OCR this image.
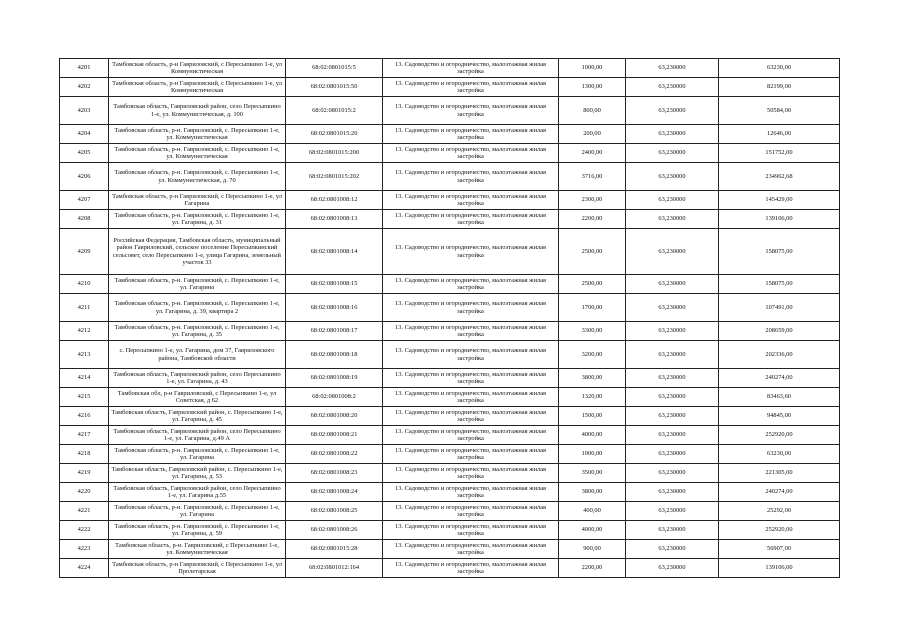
4201	Тамбовская область, р-н Гавриловский, с Пересыпкино 1-е, ул Коммунистическая	68:02:0801015:5	13. Садоводство и огородничество, малоэтажная жилая застройка	1000,00	63,230000	63230,00
4202	Тамбовская область, р-н Гавриловский, с Пересыпкино 1-е, ул Коммунистическая	68:02:0801015:50	13. Садоводство и огородничество, малоэтажная жилая застройка	1300,00	63,230000	82199,00
4203	Тамбовская область, Гавриловский район, село Пересыпкино 1-е, ул. Коммунистическая, д. 100	68:02:0801015:2	13. Садоводство и огородничество, малоэтажная жилая застройка	800,00	63,230000	50584,00
4204	Тамбовская область, р-н. Гавриловский, с. Пересыпкино 1-е, ул. Коммунистическая	68:02:0801015:20	13. Садоводство и огородничество, малоэтажная жилая застройка	200,00	63,230000	12646,00
4205	Тамбовская область, р-н. Гавриловский, с. Пересыпкино 1-е, ул. Коммунистическая	68:02:0801015:200	13. Садоводство и огородничество, малоэтажная жилая застройка	2400,00	63,230000	151752,00
4206	Тамбовская область, р-н. Гавриловский, с. Пересыпкино 1-е, ул. Коммунистическая, д. 70	68:02:0801015:202	13. Садоводство и огородничество, малоэтажная жилая застройка	3716,00	63,230000	234962,68
4207	Тамбовская область, р-н Гавриловский, с Пересыпкино 1-е, ул Гагарина	68:02:0801008:12	13. Садоводство и огородничество, малоэтажная жилая застройка	2300,00	63,230000	145429,00
4208	Тамбовская область, р-н. Гавриловский, с. Пересыпкино 1-е, ул. Гагарина, д. 31	68:02:0801008:13	13. Садоводство и огородничество, малоэтажная жилая застройка	2200,00	63,230000	139106,00
4209	Российская Федерация, Тамбовская область, муниципальный район Гавриловский, сельское поселение Пересыпкинский сельсовет, село Пересыпкино 1-е, улица Гагарина, земельный участок 33	68:02:0801008:14	13. Садоводство и огородничество, малоэтажная жилая застройка	2500,00	63,230000	158075,00
4210	Тамбовская область, р-н. Гавриловский, с. Пересыпкино 1-е, ул. Гагарина	68:02:0801008:15	13. Садоводство и огородничество, малоэтажная жилая застройка	2500,00	63,230000	158075,00
4211	Тамбовская область, р-н. Гавриловский, с. Пересыпкино 1-е, ул. Гагарина, д. 39, квартира 2	68:02:0801008:16	13. Садоводство и огородничество, малоэтажная жилая застройка	1700,00	63,230000	107491,00
4212	Тамбовская область, р-н. Гавриловский, с. Пересыпкино 1-е, ул. Гагарина, д. 35	68:02:0801008:17	13. Садоводство и огородничество, малоэтажная жилая застройка	3300,00	63,230000	208659,00
4213	с. Пересыпкино 1-е, ул. Гагарина, дом 37, Гавриловского района, Тамбовской области	68:02:0801008:18	13. Садоводство и огородничество, малоэтажная жилая застройка	3200,00	63,230000	202336,00
4214	Тамбовская область, Гавриловский район, село Пересыпкино 1-е, ул. Гагарина, д. 43	68:02:0801008:19	13. Садоводство и огородничество, малоэтажная жилая застройка	3800,00	63,230000	240274,00
4215	Тамбовская обл, р-н Гавриловский, с Пересыпкино 1-е, ул Советская, д 62	68:02:0801008:2	13. Садоводство и огородничество, малоэтажная жилая застройка	1320,00	63,230000	83463,60
4216	Тамбовская область, Гавриловский район, с. Пересыпкино 1-е, ул. Гагарина, д. 45	68:02:0801008:20	13. Садоводство и огородничество, малоэтажная жилая застройка	1500,00	63,230000	94845,00
4217	Тамбовская область, Гавриловский район, село Пересыпкино 1-е, ул. Гагарина, д.49 А	68:02:0801008:21	13. Садоводство и огородничество, малоэтажная жилая застройка	4000,00	63,230000	252920,00
4218	Тамбовская область, р-н. Гавриловский, с. Пересыпкино 1-е, ул. Гагарина	68:02:0801008:22	13. Садоводство и огородничество, малоэтажная жилая застройка	1000,00	63,230000	63230,00
4219	Тамбовская область, Гавриловский район, с. Пересыпкино 1-е, ул. Гагарина, д. 53	68:02:0801008:23	13. Садоводство и огородничество, малоэтажная жилая застройка	3500,00	63,230000	221305,00
4220	Тамбовская область, Гавриловский район, село Пересыпкино 1-е, ул. Гагарина д.55	68:02:0801008:24	13. Садоводство и огородничество, малоэтажная жилая застройка	3800,00	63,230000	240274,00
4221	Тамбовская область, р-н. Гавриловский, с. Пересыпкино 1-е, ул. Гагарина	68:02:0801008:25	13. Садоводство и огородничество, малоэтажная жилая застройка	400,00	63,230000	25292,00
4222	Тамбовская область, р-н. Гавриловский, с. Пересыпкино 1-е, ул. Гагарина, д. 59	68:02:0801008:26	13. Садоводство и огородничество, малоэтажная жилая застройка	4000,00	63,230000	252920,00
4223	Тамбовская область, р-н. Гавриловский, с Пересыпкино 1-е, ул. Коммунистическая	68:02:0801015:28	13. Садоводство и огородничество, малоэтажная жилая застройка	900,00	63,230000	56907,00
4224	Тамбовская область, р-н Гавриловский, с Пересыпкино 1-е, ул Пролетарская	68:02:0801012:164	13. Садоводство и огородничество, малоэтажная жилая застройка	2200,00	63,230000	139106,00
